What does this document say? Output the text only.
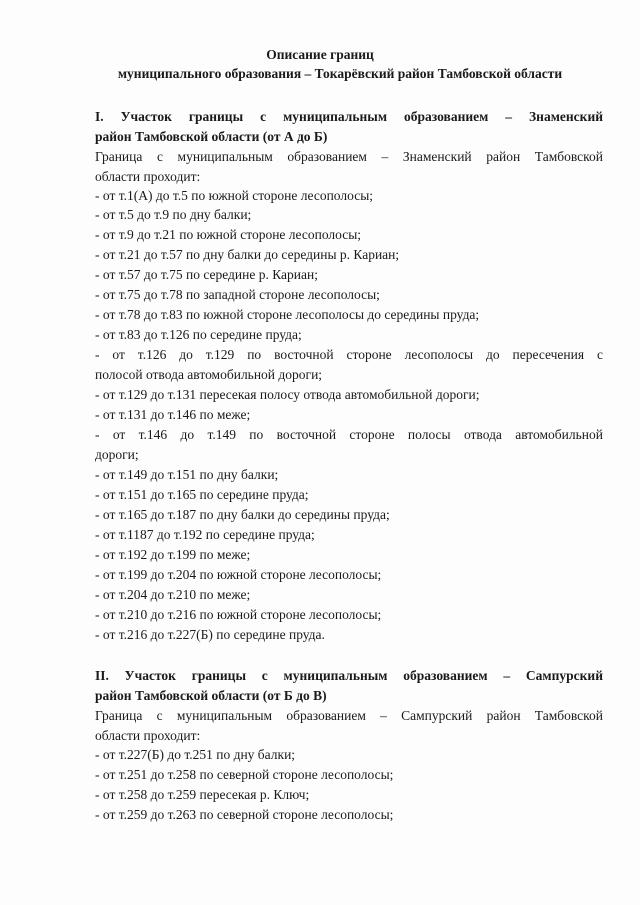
Описание границ
муниципального образования – Токарёвский район Тамбовской области
I. Участок границы с муниципальным образованием – Знаменский
район Тамбовской области (от А до Б)
Граница с муниципальным образованием – Знаменский район Тамбовской
области проходит:
- от т.1(А) до т.5 по южной стороне лесополосы;
- от т.5 до т.9 по дну балки;
- от т.9 до т.21 по южной стороне лесополосы;
- от т.21 до т.57 по дну балки до середины р. Кариан;
- от т.57 до т.75 по середине р. Кариан;
- от т.75 до т.78 по западной стороне лесополосы;
- от т.78 до т.83 по южной стороне лесополосы до середины пруда;
- от т.83 до т.126 по середине пруда;
- от т.126 до т.129 по восточной стороне лесополосы до пересечения с
полосой отвода автомобильной дороги;
- от т.129 до т.131 пересекая полосу отвода автомобильной дороги;
- от т.131 до т.146 по меже;
- от т.146 до т.149 по восточной стороне полосы отвода автомобильной
дороги;
- от т.149 до т.151 по дну балки;
- от т.151 до т.165 по середине пруда;
- от т.165 до т.187 по дну балки до середины пруда;
- от т.1187 до т.192 по середине пруда;
- от т.192 до т.199 по меже;
- от т.199 до т.204 по южной стороне лесополосы;
- от т.204 до т.210 по меже;
- от т.210 до т.216 по южной стороне лесополосы;
- от т.216 до т.227(Б) по середине пруда.
II. Участок границы с муниципальным образованием – Сампурский
район Тамбовской области (от Б до В)
Граница с муниципальным образованием – Сампурский район Тамбовской
области проходит:
- от т.227(Б) до т.251 по дну балки;
- от т.251 до т.258 по северной стороне лесополосы;
- от т.258 до т.259 пересекая р. Ключ;
- от т.259 до т.263 по северной стороне лесополосы;
